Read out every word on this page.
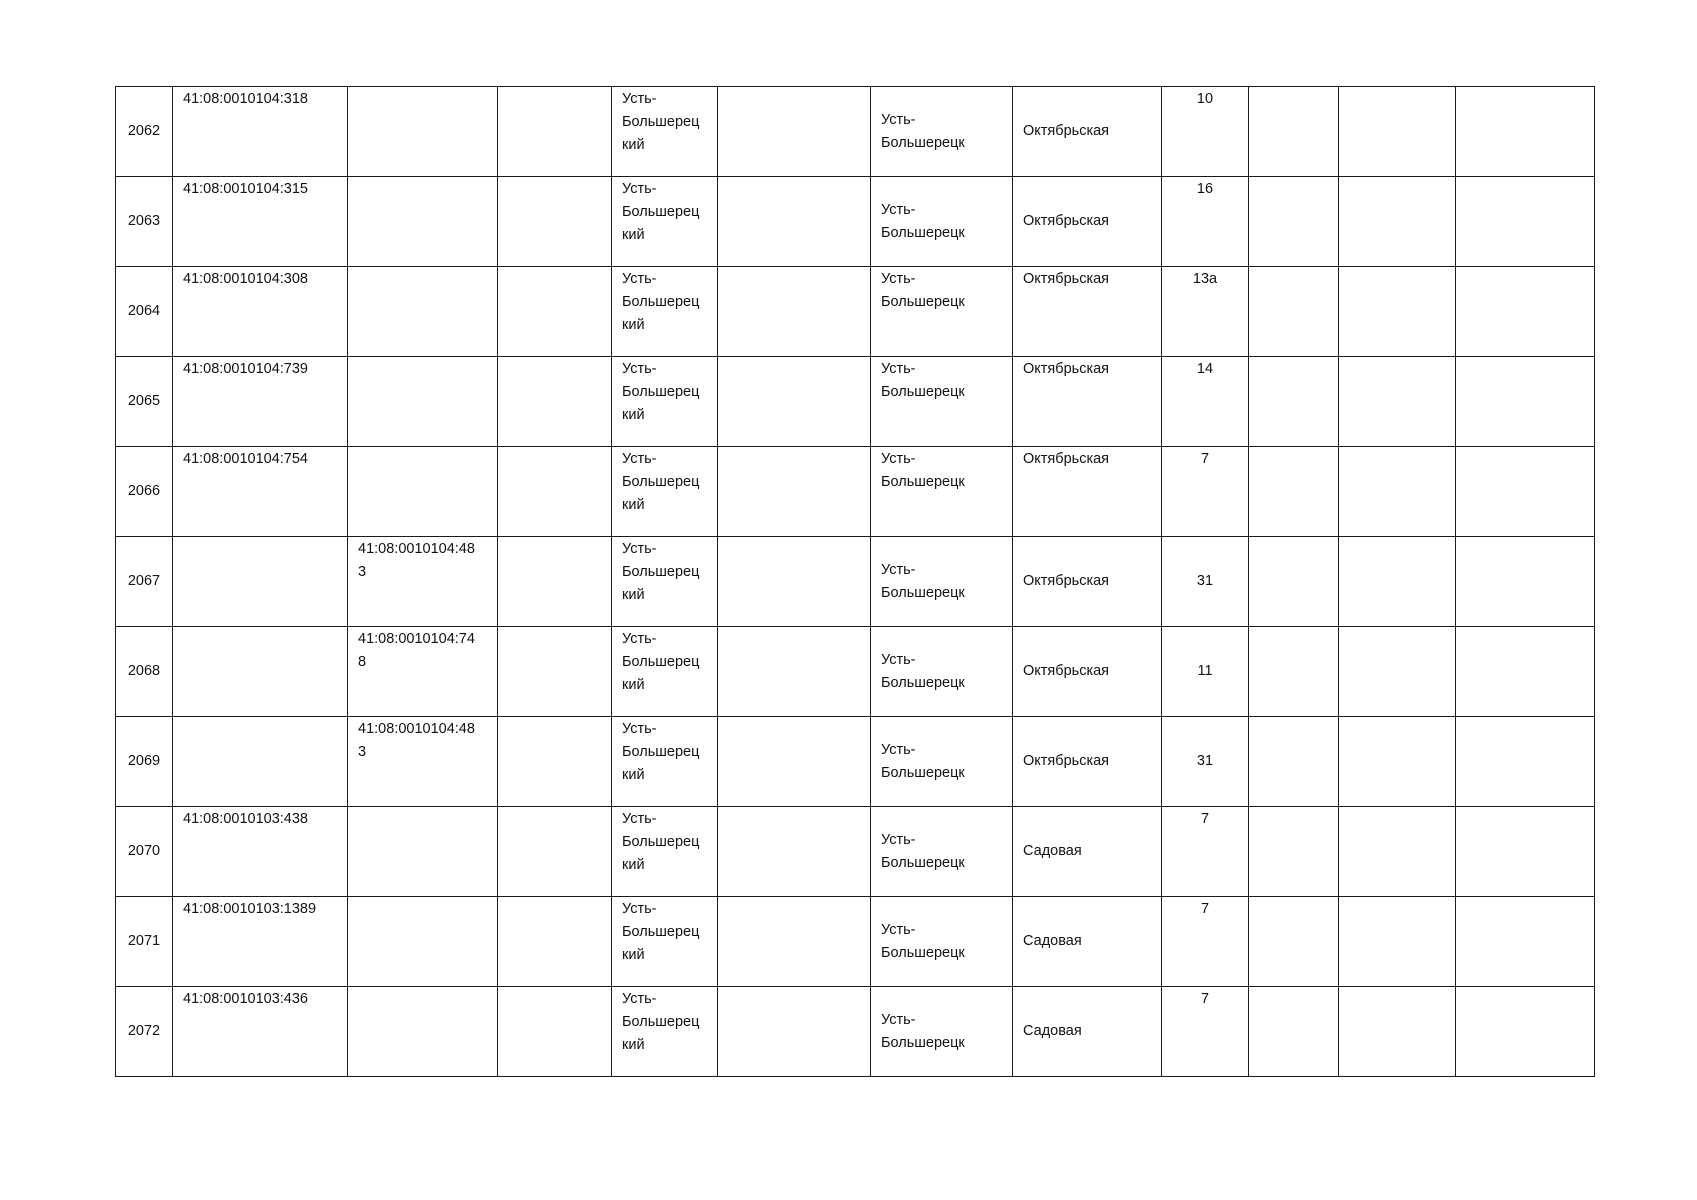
2062	41:08:0010104:318			Усть-
Большерец
кий		Усть-
Большерецк	Октябрьская	10			

2063	41:08:0010104:315			Усть-
Большерец
кий		Усть-
Большерецк	Октябрьская	16			

2064	41:08:0010104:308			Усть-
Большерец
кий		Усть-
Большерецк	Октябрьская	13а			

2065	41:08:0010104:739			Усть-
Большерец
кий		Усть-
Большерецк	Октябрьская	14			

2066	41:08:0010104:754			Усть-
Большерец
кий		Усть-
Большерецк	Октябрьская	7			

2067		41:08:0010104:48
3		Усть-
Большерец
кий		Усть-
Большерецк	Октябрьская	31			

2068		41:08:0010104:74
8		Усть-
Большерец
кий		Усть-
Большерецк	Октябрьская	11			

2069		41:08:0010104:48
3		Усть-
Большерец
кий		Усть-
Большерецк	Октябрьская	31			

2070	41:08:0010103:438			Усть-
Большерец
кий		Усть-
Большерецк	Садовая	7			

2071	41:08:0010103:1389			Усть-
Большерец
кий		Усть-
Большерецк	Садовая	7			

2072	41:08:0010103:436			Усть-
Большерец
кий		Усть-
Большерецк	Садовая	7			
